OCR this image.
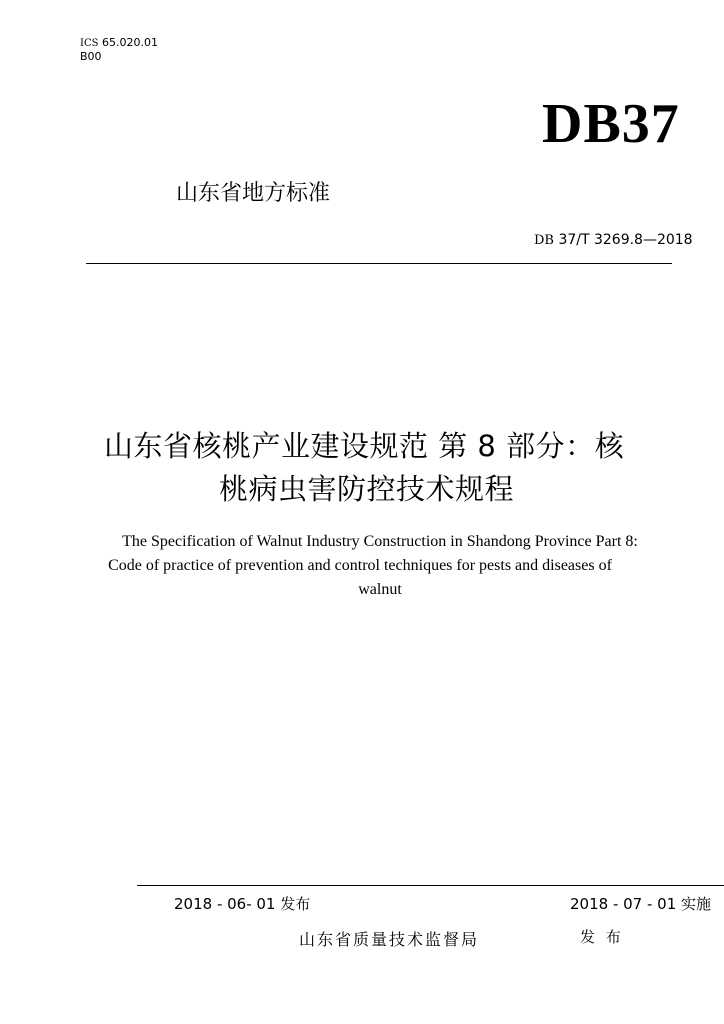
ICS 65.020.01
B00
DB37
山东省地方标准
DB 37/T 3269.8—2018
山东省核桃产业建设规范 第 8 部分：核
桃病虫害防控技术规程
The Specification of Walnut Industry Construction in Shandong Province Part 8:
Code of practice of prevention and control techniques for pests and diseases of
walnut
2018 - 06- 01 发布	2018 - 07 - 01 实施
山东省质量技术监督局	发 布
